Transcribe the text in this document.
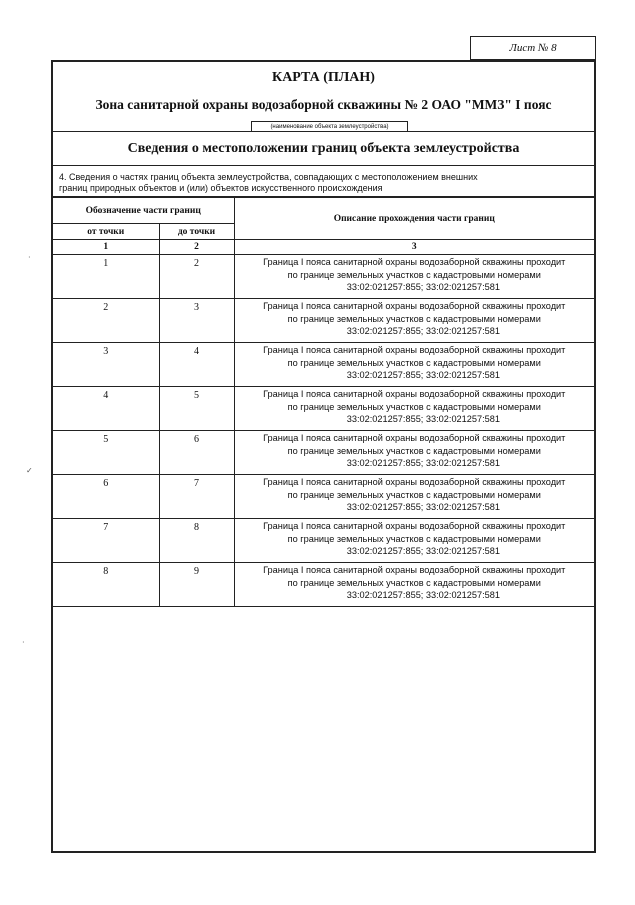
Лист № 8
·
✓
·
КАРТА (ПЛАН)
Зона санитарной охраны водозаборной скважины № 2 ОАО "ММЗ" I пояс
(наименование объекта землеустройства)
Сведения о местоположении границ объекта землеустройства
4. Сведения о частях границ объекта землеустройства, совпадающих с местоположением внешних
границ природных объектов и (или) объектов искусственного происхождения
Обозначение части границ		Описание прохождения части границ
от точки	до точки	
1	2	3
1	2	Граница I пояса санитарной охраны водозаборной скважины проходит
по границе земельных участков с кадастровыми номерами
33:02:021257:855; 33:02:021257:581

2	3	Граница I пояса санитарной охраны водозаборной скважины проходит
по границе земельных участков с кадастровыми номерами
33:02:021257:855; 33:02:021257:581

3	4	Граница I пояса санитарной охраны водозаборной скважины проходит
по границе земельных участков с кадастровыми номерами
33:02:021257:855; 33:02:021257:581

4	5	Граница I пояса санитарной охраны водозаборной скважины проходит
по границе земельных участков с кадастровыми номерами
33:02:021257:855; 33:02:021257:581

5	6	Граница I пояса санитарной охраны водозаборной скважины проходит
по границе земельных участков с кадастровыми номерами
33:02:021257:855; 33:02:021257:581

6	7	Граница I пояса санитарной охраны водозаборной скважины проходит
по границе земельных участков с кадастровыми номерами
33:02:021257:855; 33:02:021257:581

7	8	Граница I пояса санитарной охраны водозаборной скважины проходит
по границе земельных участков с кадастровыми номерами
33:02:021257:855; 33:02:021257:581

8	9	Граница I пояса санитарной охраны водозаборной скважины проходит
по границе земельных участков с кадастровыми номерами
33:02:021257:855; 33:02:021257:581
